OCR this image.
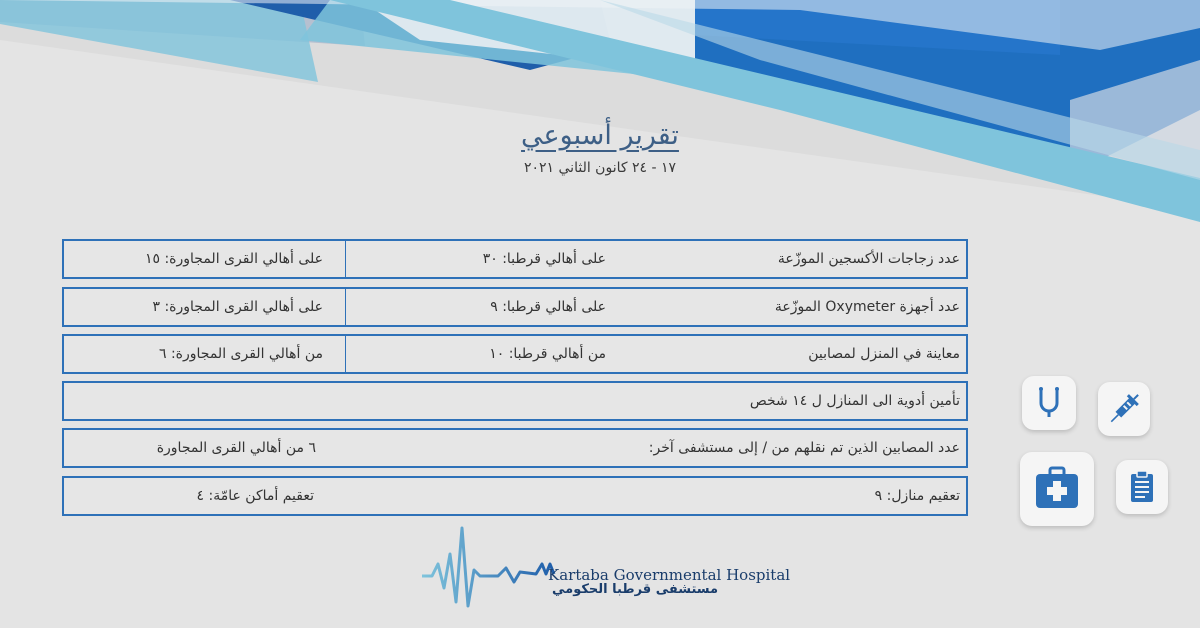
تقرير أسبوعي
١٧ - ٢٤ كانون الثاني ٢٠٢١
عدد زجاجات الأكسجين الموزّعة
على أهالي قرطبا: ٣٠
على أهالي القرى المجاورة: ١٥
عدد أجهزة Oxymeter الموزّعة
على أهالي قرطبا: ٩
على أهالي القرى المجاورة: ٣
معاينة في المنزل لمصابين
من أهالي قرطبا: ١٠
من أهالي القرى المجاورة: ٦
تأمين أدوية الى المنازل ل ١٤ شخص
عدد المصابين الذين تم نقلهم من / إلى مستشفى آخر:
٦ من أهالي القرى المجاورة
تعقيم منازل: ٩
تعقيم أماكن عامّة: ٤
Kartaba Governmental Hospital
مستشفى قرطبا الحكومي
